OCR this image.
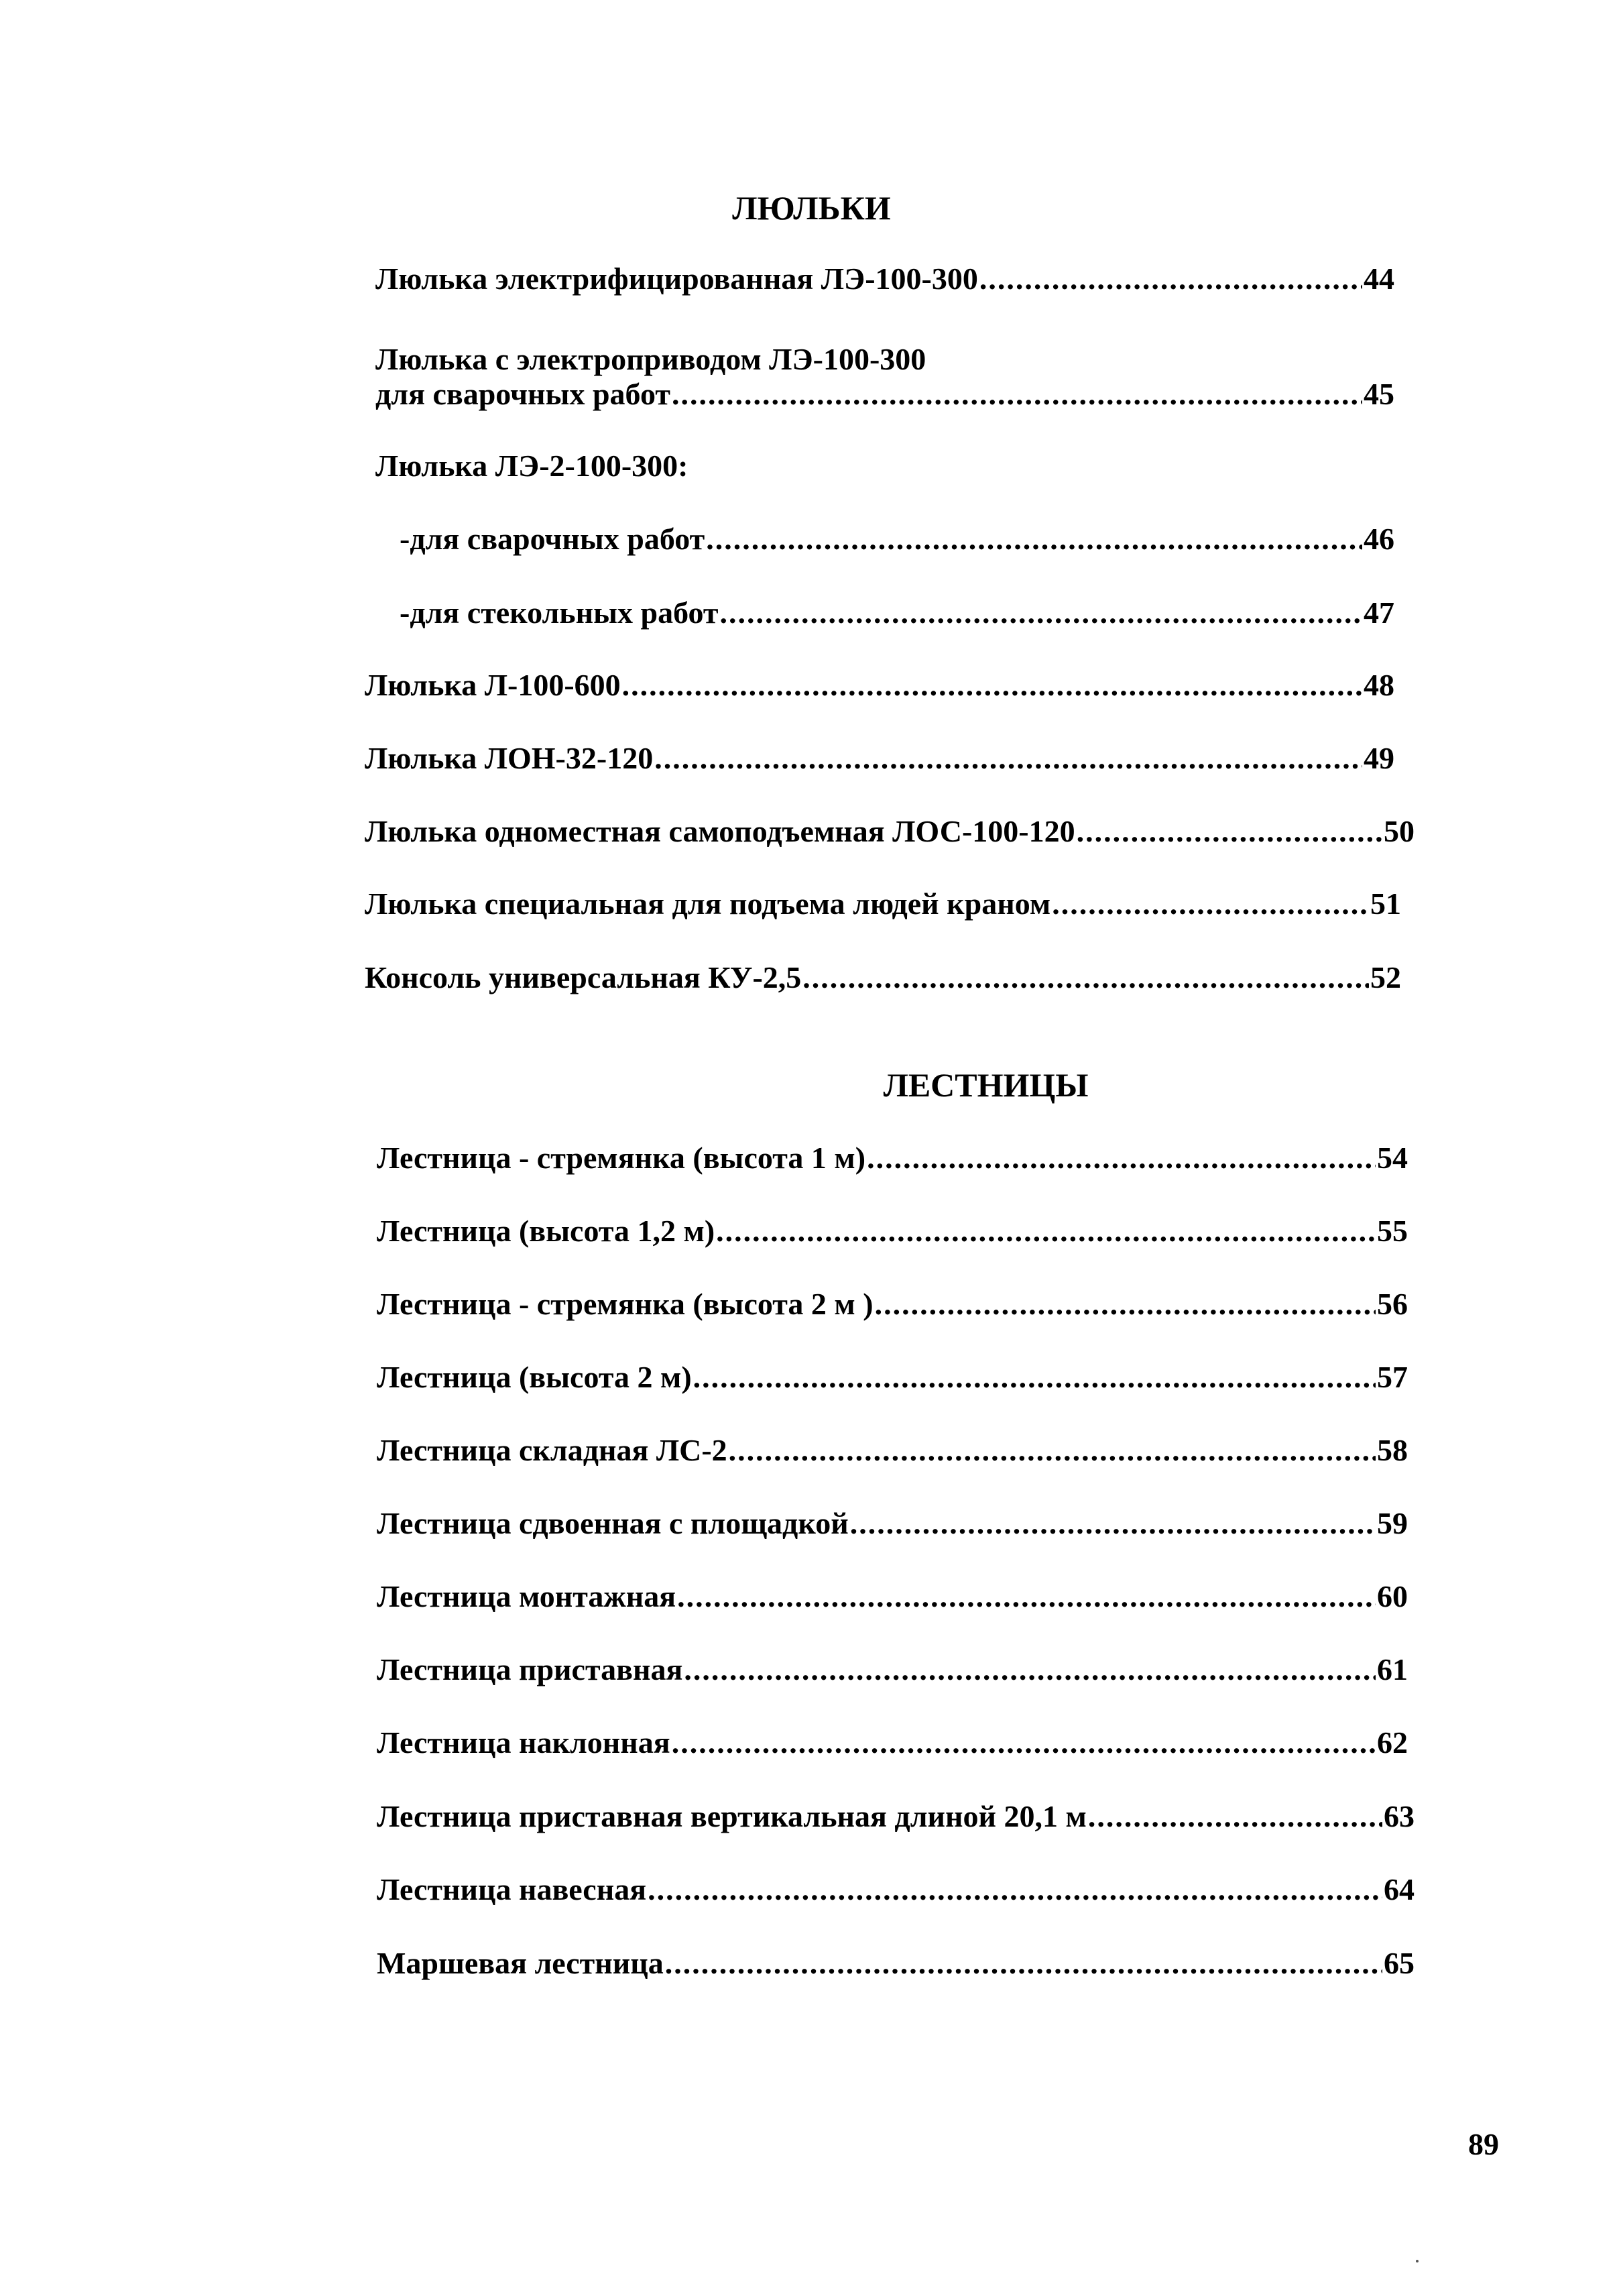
ЛЮЛЬКИ
Люлька электрифицированная ЛЭ-100-300 .....	44
Люлька с электроприводом ЛЭ-100-300
для сварочных работ .....	45
Люлька ЛЭ-2-100-300:
-для сварочных работ .....	46
-для стекольных работ .....	47
Люлька Л-100-600 .....	48
Люлька ЛОН-32-120 .....	49
Люлька одноместная самоподъемная ЛОС-100-120 .....	50
Люлька специальная для подъема людей краном .....	51
Консоль универсальная КУ-2,5 .....	52
ЛЕСТНИЦЫ
Лестница - стремянка (высота 1 м) .....	54
Лестница (высота 1,2 м) .....	55
Лестница - стремянка (высота 2 м ) .....	56
Лестница (высота 2 м) .....	57
Лестница складная ЛС-2 .....	58
Лестница сдвоенная с площадкой .....	59
Лестница монтажная .....	60
Лестница приставная .....	61
Лестница наклонная .....	62
Лестница приставная вертикальная длиной 20,1 м .....	63
Лестница навесная .....	64
Маршевая лестница .....	65
89
